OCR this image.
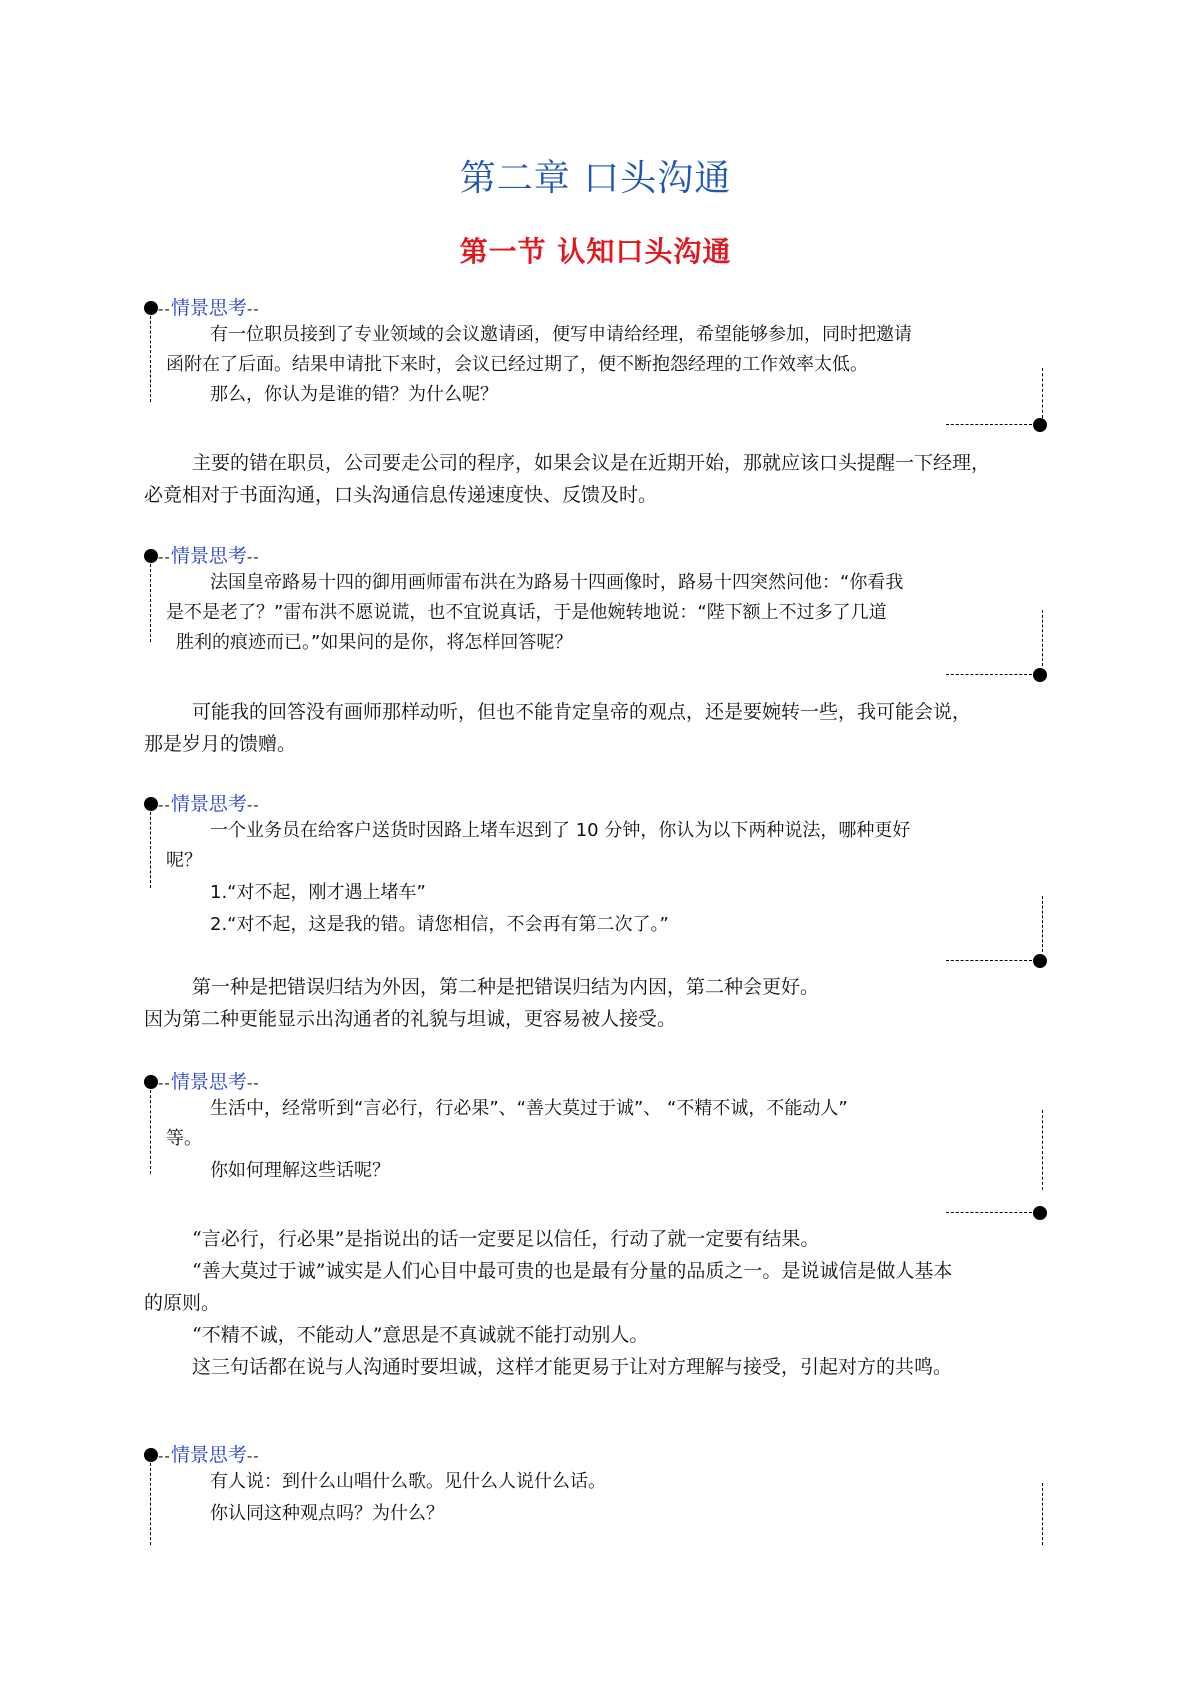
第二章 口头沟通
第一节 认知口头沟通
--情景思考--
有一位职员接到了专业领域的会议邀请函，便写申请给经理，希望能够参加，同时把邀请
函附在了后面。结果申请批下来时，会议已经过期了，便不断抱怨经理的工作效率太低。
那么，你认为是谁的错？为什么呢？
主要的错在职员，公司要走公司的程序，如果会议是在近期开始，那就应该口头提醒一下经理，
必竟相对于书面沟通，口头沟通信息传递速度快、反馈及时。
--情景思考--
法国皇帝路易十四的御用画师雷布洪在为路易十四画像时，路易十四突然问他：“你看我
是不是老了？”雷布洪不愿说谎，也不宜说真话，于是他婉转地说：“陛下额上不过多了几道
胜利的痕迹而已。”如果问的是你，将怎样回答呢？
可能我的回答没有画师那样动听，但也不能肯定皇帝的观点，还是要婉转一些，我可能会说，
那是岁月的馈赠。
--情景思考--
一个业务员在给客户送货时因路上堵车迟到了 10 分钟，你认为以下两种说法，哪种更好
呢？
1.“对不起，刚才遇上堵车”
2.“对不起，这是我的错。请您相信，不会再有第二次了。”
第一种是把错误归结为外因，第二种是把错误归结为内因，第二种会更好。
因为第二种更能显示出沟通者的礼貌与坦诚，更容易被人接受。
--情景思考--
生活中，经常听到“言必行，行必果”、“善大莫过于诚”、 “不精不诚，不能动人”
等。
你如何理解这些话呢？
“言必行，行必果”是指说出的话一定要足以信任，行动了就一定要有结果。
“善大莫过于诚”诚实是人们心目中最可贵的也是最有分量的品质之一。是说诚信是做人基本
的原则。
“不精不诚，不能动人”意思是不真诚就不能打动别人。
这三句话都在说与人沟通时要坦诚，这样才能更易于让对方理解与接受，引起对方的共鸣。
--情景思考--
有人说：到什么山唱什么歌。见什么人说什么话。
你认同这种观点吗？为什么？
